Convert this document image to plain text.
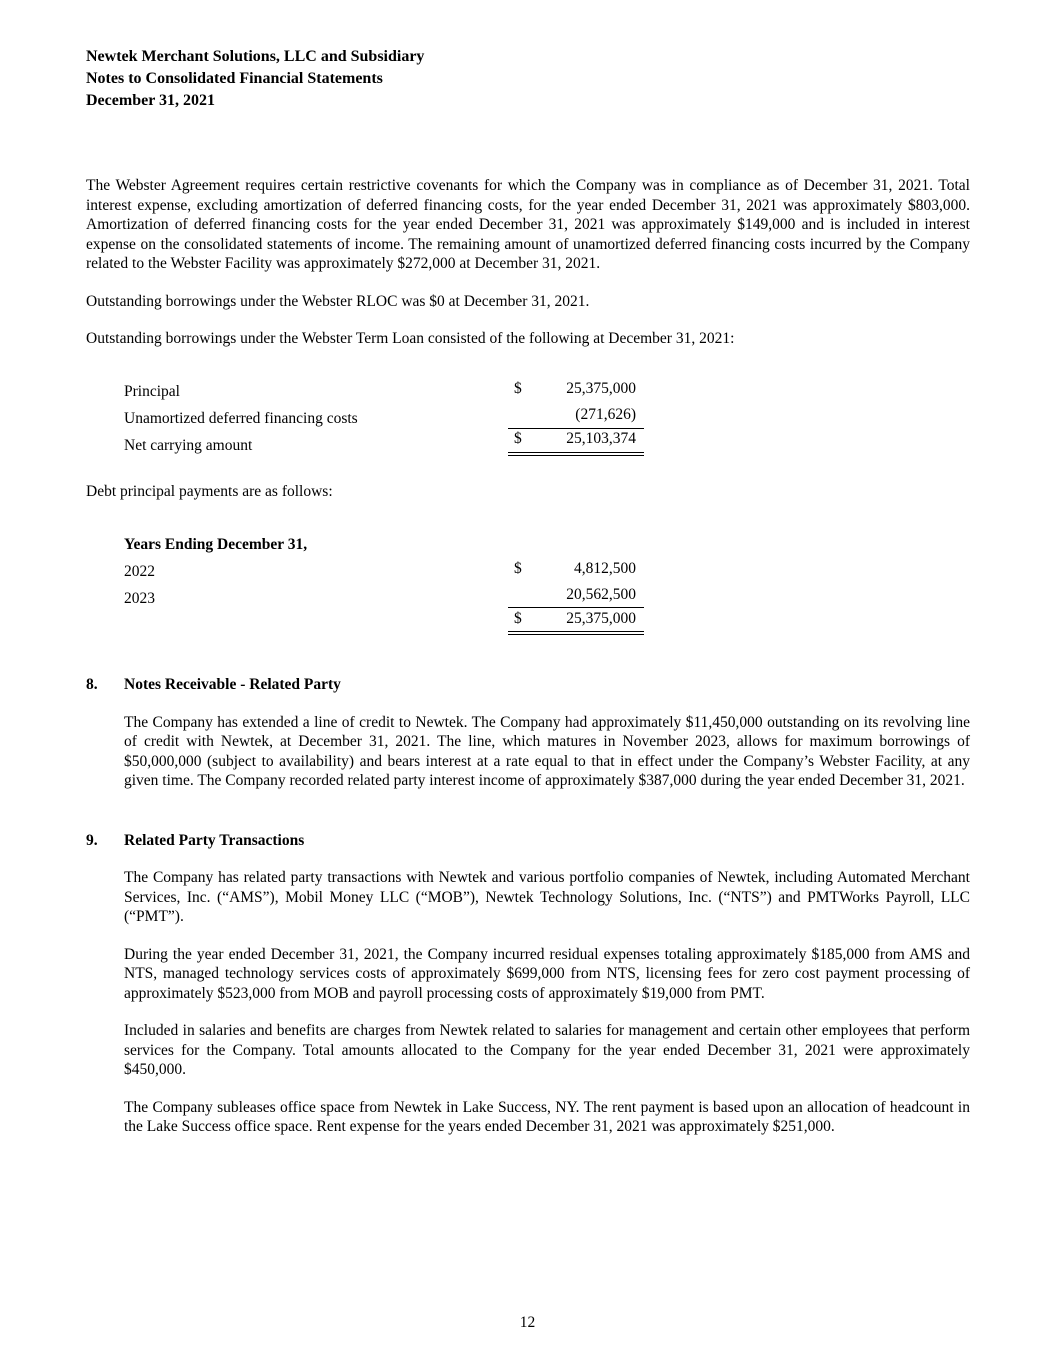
Newtek Merchant Solutions, LLC and Subsidiary
Notes to Consolidated Financial Statements
December 31, 2021

The Webster Agreement requires certain restrictive covenants for which the Company was in compliance as of December 31, 2021. Total interest expense, excluding amortization of deferred financing costs, for the year ended December 31, 2021 was approximately $803,000. Amortization of deferred financing costs for the year ended December 31, 2021 was approximately $149,000 and is included in interest expense on the consolidated statements of income. The remaining amount of unamortized deferred financing costs incurred by the Company related to the Webster Facility was approximately $272,000 at December 31, 2021.

Outstanding borrowings under the Webster RLOC was $0 at December 31, 2021.

Outstanding borrowings under the Webster Term Loan consisted of the following at December 31, 2021:

Principal	$	25,375,000
Unamortized deferred financing costs	(271,626)
Net carrying amount	$	25,103,374

Debt principal payments are as follows:

Years Ending December 31,
2022	$	4,812,500
2023	20,562,500
$	25,375,000
8. Notes Receivable - Related Party

The Company has extended a line of credit to Newtek. The Company had approximately $11,450,000 outstanding on its revolving line of credit with Newtek, at December 31, 2021. The line, which matures in November 2023, allows for maximum borrowings of $50,000,000 (subject to availability) and bears interest at a rate equal to that in effect under the Company’s Webster Facility, at any given time. The Company recorded related party interest income of approximately $387,000 during the year ended December 31, 2021.

9. Related Party Transactions

The Company has related party transactions with Newtek and various portfolio companies of Newtek, including Automated Merchant Services, Inc. (“AMS”), Mobil Money LLC (“MOB”), Newtek Technology Solutions, Inc. (“NTS”) and PMTWorks Payroll, LLC (“PMT”).

During the year ended December 31, 2021, the Company incurred residual expenses totaling approximately $185,000 from AMS and NTS, managed technology services costs of approximately $699,000 from NTS, licensing fees for zero cost payment processing of approximately $523,000 from MOB and payroll processing costs of approximately $19,000 from PMT.

Included in salaries and benefits are charges from Newtek related to salaries for management and certain other employees that perform services for the Company. Total amounts allocated to the Company for the year ended December 31, 2021 were approximately $450,000.

The Company subleases office space from Newtek in Lake Success, NY. The rent payment is based upon an allocation of headcount in the Lake Success office space. Rent expense for the years ended December 31, 2021 was approximately $251,000.

12
